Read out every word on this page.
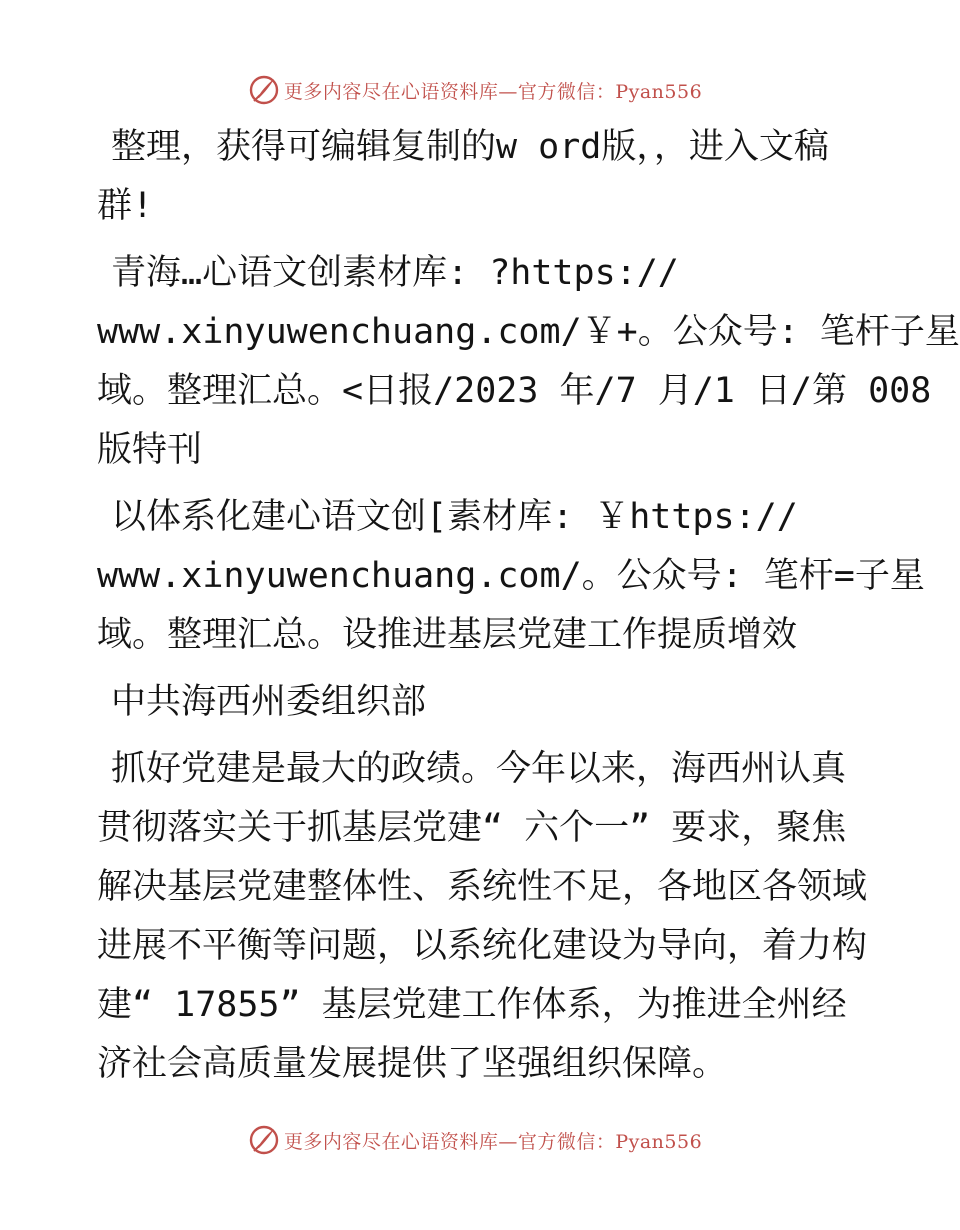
更多内容尽在心语资料库—官方微信：Pyan556
整理，获得可编辑复制的w ord版，，进入文稿
群!
青海…心语文创素材库: ?https://
www.xinyuwenchuang.com/￥+。公众号: 笔杆子星
域。整理汇总。<日报/2023 年/7 月/1 日/第 008
版特刊
以体系化建心语文创[素材库: ￥https://
www.xinyuwenchuang.com/。公众号: 笔杆=子星
域。整理汇总。设推进基层党建工作提质增效
中共海西州委组织部
抓好党建是最大的政绩。今年以来，海西州认真
贯彻落实关于抓基层党建“ 六个一” 要求，聚焦
解决基层党建整体性、系统性不足，各地区各领域
进展不平衡等问题，以系统化建设为导向，着力构
建“ 17855” 基层党建工作体系，为推进全州经
济社会高质量发展提供了坚强组织保障。
更多内容尽在心语资料库—官方微信：Pyan556
